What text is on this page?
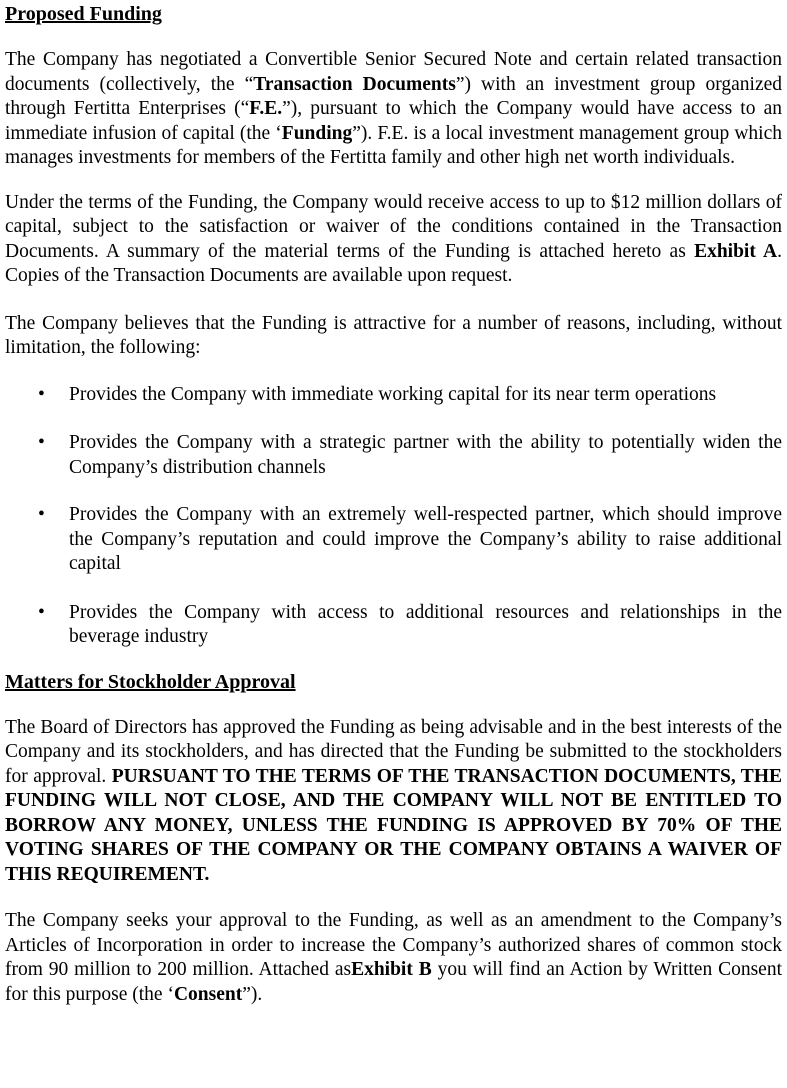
Proposed Funding

The Company has negotiated a Convertible Senior Secured Note and certain related transaction documents (collectively, the “Transaction Documents”) with an investment group organized through Fertitta Enterprises (“F.E.”), pursuant to which the Company would have access to an immediate infusion of capital (the ‘Funding”). F.E. is a local investment management group which manages investments for members of the Fertitta family and other high net worth individuals.

Under the terms of the Funding, the Company would receive access to up to $12 million dollars of capital, subject to the satisfaction or waiver of the conditions contained in the Transaction Documents. A summary of the material terms of the Funding is attached hereto as Exhibit A. Copies of the Transaction Documents are available upon request.

The Company believes that the Funding is attractive for a number of reasons, including, without limitation, the following:

• Provides the Company with immediate working capital for its near term operations
• Provides the Company with a strategic partner with the ability to potentially widen the Company’s distribution channels
• Provides the Company with an extremely well-respected partner, which should improve the Company’s reputation and could improve the Company’s ability to raise additional capital
• Provides the Company with access to additional resources and relationships in the beverage industry
Matters for Stockholder Approval

The Board of Directors has approved the Funding as being advisable and in the best interests of the Company and its stockholders, and has directed that the Funding be submitted to the stockholders for approval. PURSUANT TO THE TERMS OF THE TRANSACTION DOCUMENTS, THE FUNDING WILL NOT CLOSE, AND THE COMPANY WILL NOT BE ENTITLED TO BORROW ANY MONEY, UNLESS THE FUNDING IS APPROVED BY 70% OF THE VOTING SHARES OF THE COMPANY OR THE COMPANY OBTAINS A WAIVER OF THIS REQUIREMENT.

The Company seeks your approval to the Funding, as well as an amendment to the Company’s Articles of Incorporation in order to increase the Company’s authorized shares of common stock from 90 million to 200 million. Attached asExhibit B you will find an Action by Written Consent for this purpose (the ‘Consent”).
